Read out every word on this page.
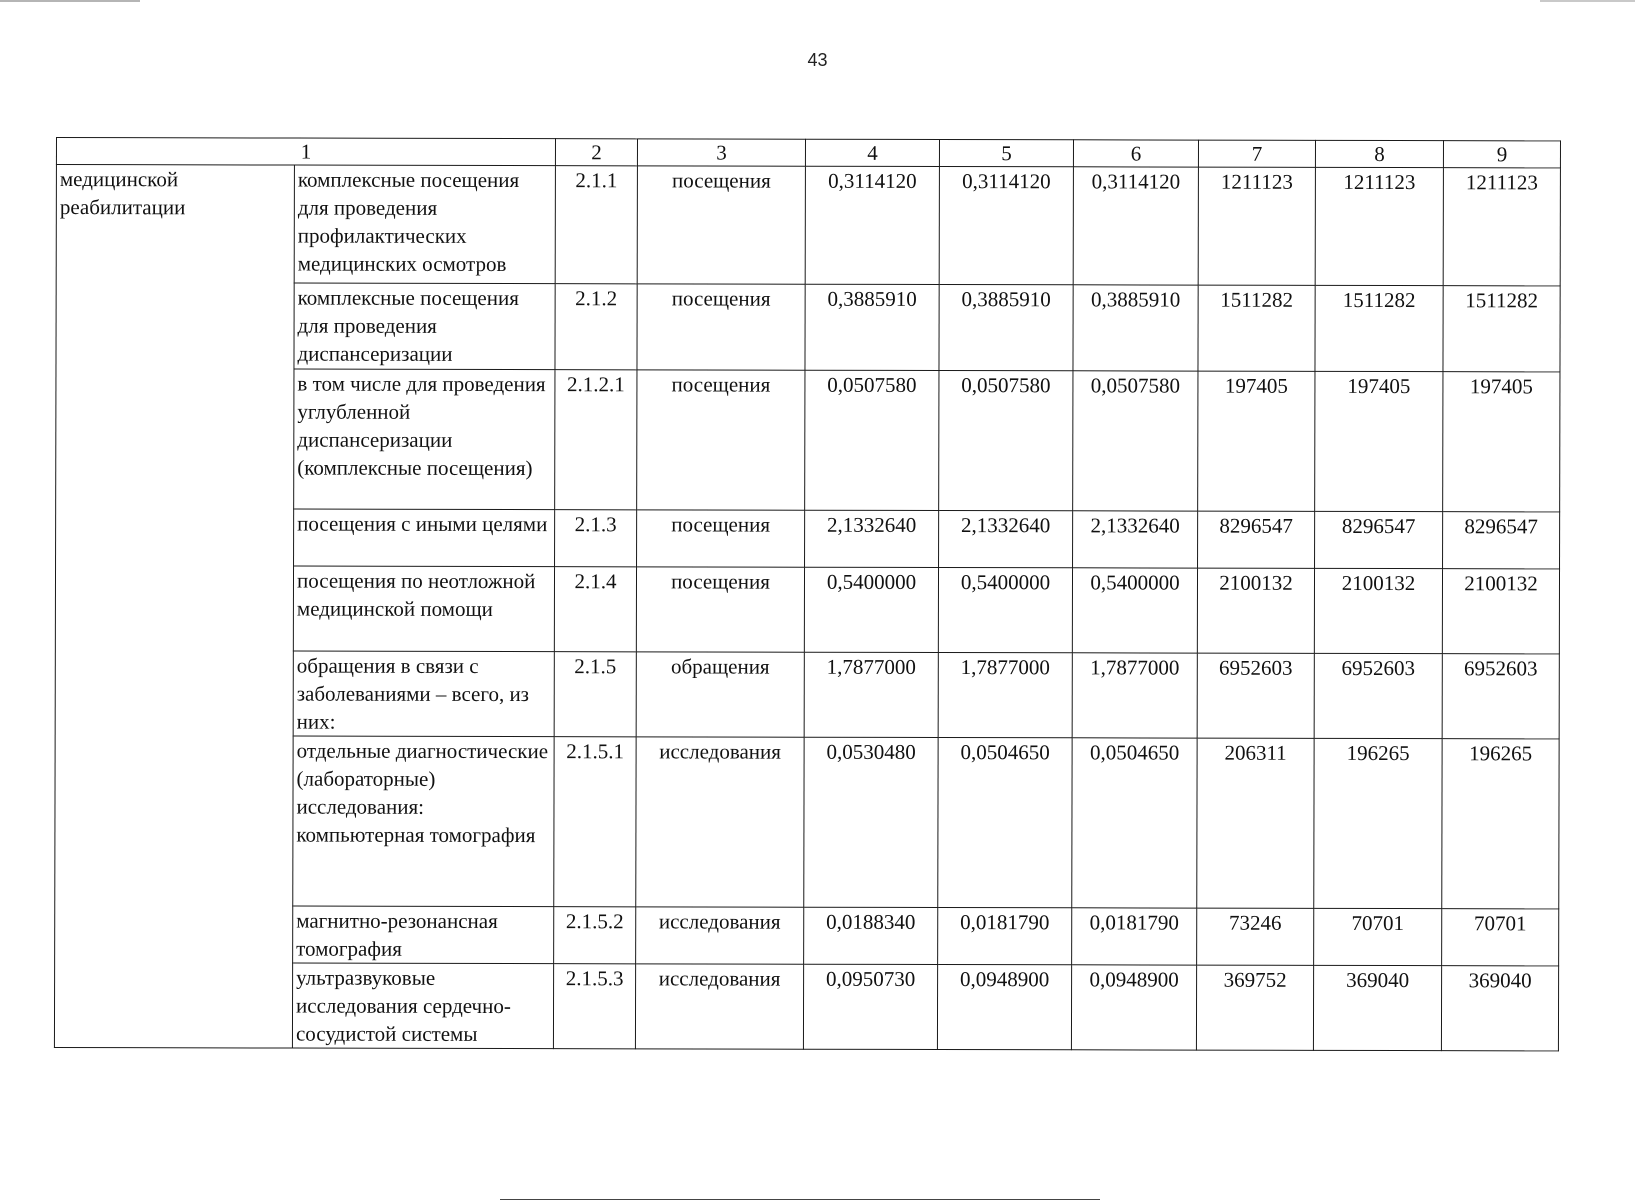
43
1		2	3	4	5	6	7	8	9
медицинской реабилитации	комплексные посещения для проведения профилактических медицинских осмотров	2.1.1	посещения	0,3114120	0,3114120	0,3114120	1211123	1211123	1211123
	комплексные посещения для проведения диспансеризации	2.1.2	посещения	0,3885910	0,3885910	0,3885910	1511282	1511282	1511282
	в том числе для проведения углубленной диспансеризации (комплексные посещения)	2.1.2.1	посещения	0,0507580	0,0507580	0,0507580	197405	197405	197405
	посещения с иными целями	2.1.3	посещения	2,1332640	2,1332640	2,1332640	8296547	8296547	8296547
	посещения по неотложной медицинской помощи	2.1.4	посещения	0,5400000	0,5400000	0,5400000	2100132	2100132	2100132
	обращения в связи с заболеваниями – всего, из них:	2.1.5	обращения	1,7877000	1,7877000	1,7877000	6952603	6952603	6952603
	отдельные диагностические (лабораторные) исследования: компьютерная томография	2.1.5.1	исследования	0,0530480	0,0504650	0,0504650	206311	196265	196265
	магнитно-резонансная томография	2.1.5.2	исследования	0,0188340	0,0181790	0,0181790	73246	70701	70701
	ультразвуковые исследования сердечно-сосудистой системы	2.1.5.3	исследования	0,0950730	0,0948900	0,0948900	369752	369040	369040
